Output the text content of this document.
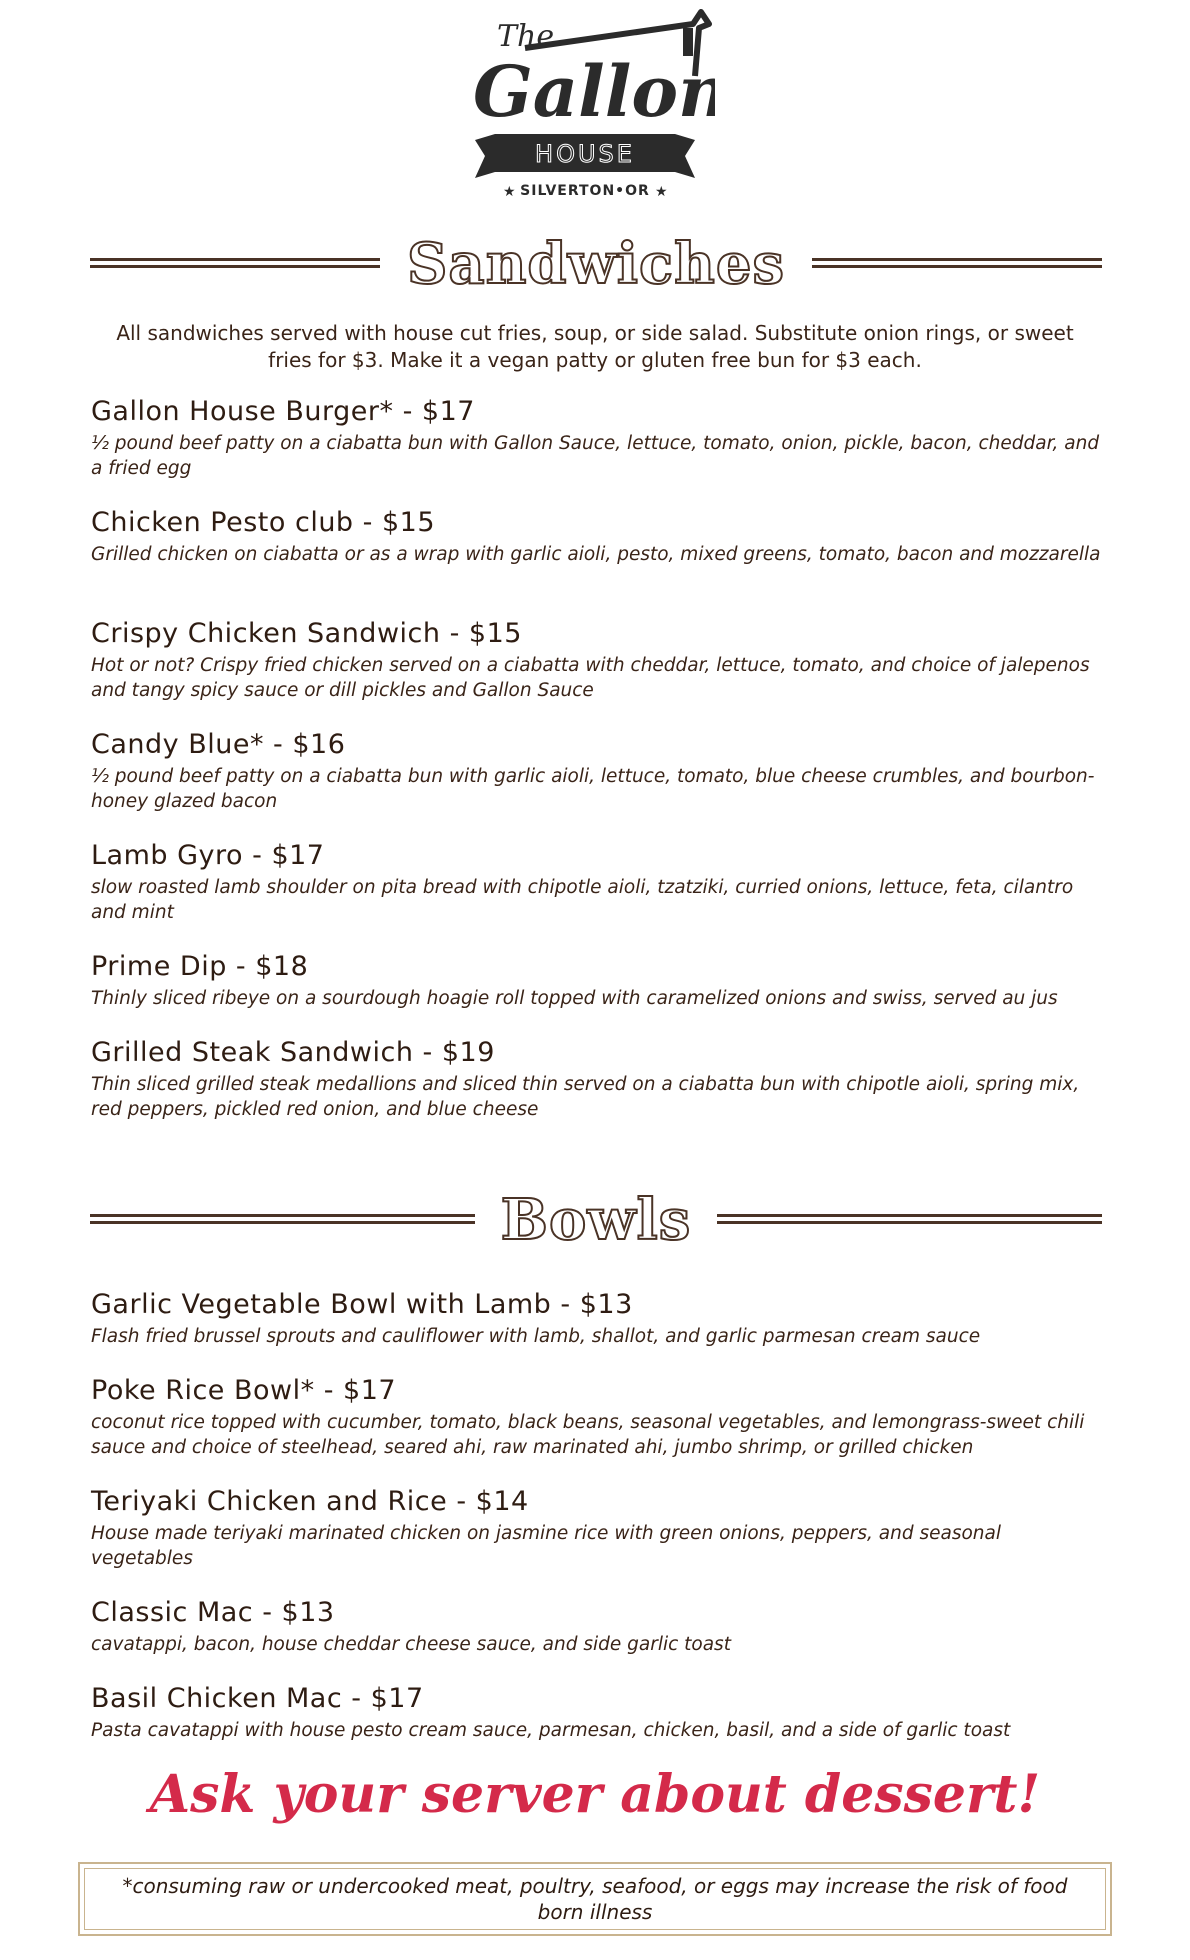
The
Gallon
HOUSE
★ SILVERTON•OR ★
Sandwiches
All sandwiches served with house cut fries, soup, or side salad. Substitute onion rings, or sweet fries for $3. Make it a vegan patty or gluten free bun for $3 each.
Gallon House Burger* - $17
½ pound beef patty on a ciabatta bun with Gallon Sauce, lettuce, tomato, onion, pickle, bacon, cheddar, and a fried egg
Chicken Pesto club - $15
Grilled chicken on ciabatta or as a wrap with garlic aioli, pesto, mixed greens, tomato, bacon and mozzarella
Crispy Chicken Sandwich - $15
Hot or not? Crispy fried chicken served on a ciabatta with cheddar, lettuce, tomato, and choice of jalepenos and tangy spicy sauce or dill pickles and Gallon Sauce
Candy Blue* - $16
½ pound beef patty on a ciabatta bun with garlic aioli, lettuce, tomato, blue cheese crumbles, and bourbon-honey glazed bacon
Lamb Gyro - $17
slow roasted lamb shoulder on pita bread with chipotle aioli, tzatziki, curried onions, lettuce, feta, cilantro and mint
Prime Dip - $18
Thinly sliced ribeye on a sourdough hoagie roll topped with caramelized onions and swiss, served au jus
Grilled Steak Sandwich - $19
Thin sliced grilled steak medallions and sliced thin served on a ciabatta bun with chipotle aioli, spring mix, red peppers, pickled red onion, and blue cheese
Bowls
Garlic Vegetable Bowl with Lamb - $13
Flash fried brussel sprouts and cauliflower with lamb, shallot, and garlic parmesan cream sauce
Poke Rice Bowl* - $17
coconut rice topped with cucumber, tomato, black beans, seasonal vegetables, and lemongrass-sweet chili sauce and choice of steelhead, seared ahi, raw marinated ahi, jumbo shrimp, or grilled chicken
Teriyaki Chicken and Rice - $14
House made teriyaki marinated chicken on jasmine rice with green onions, peppers, and seasonal vegetables
Classic Mac - $13
cavatappi, bacon, house cheddar cheese sauce, and side garlic toast
Basil Chicken Mac - $17
Pasta cavatappi with house pesto cream sauce, parmesan, chicken, basil, and a side of garlic toast
Ask your server about dessert!
*consuming raw or undercooked meat, poultry, seafood, or eggs may increase the risk of food born illness
